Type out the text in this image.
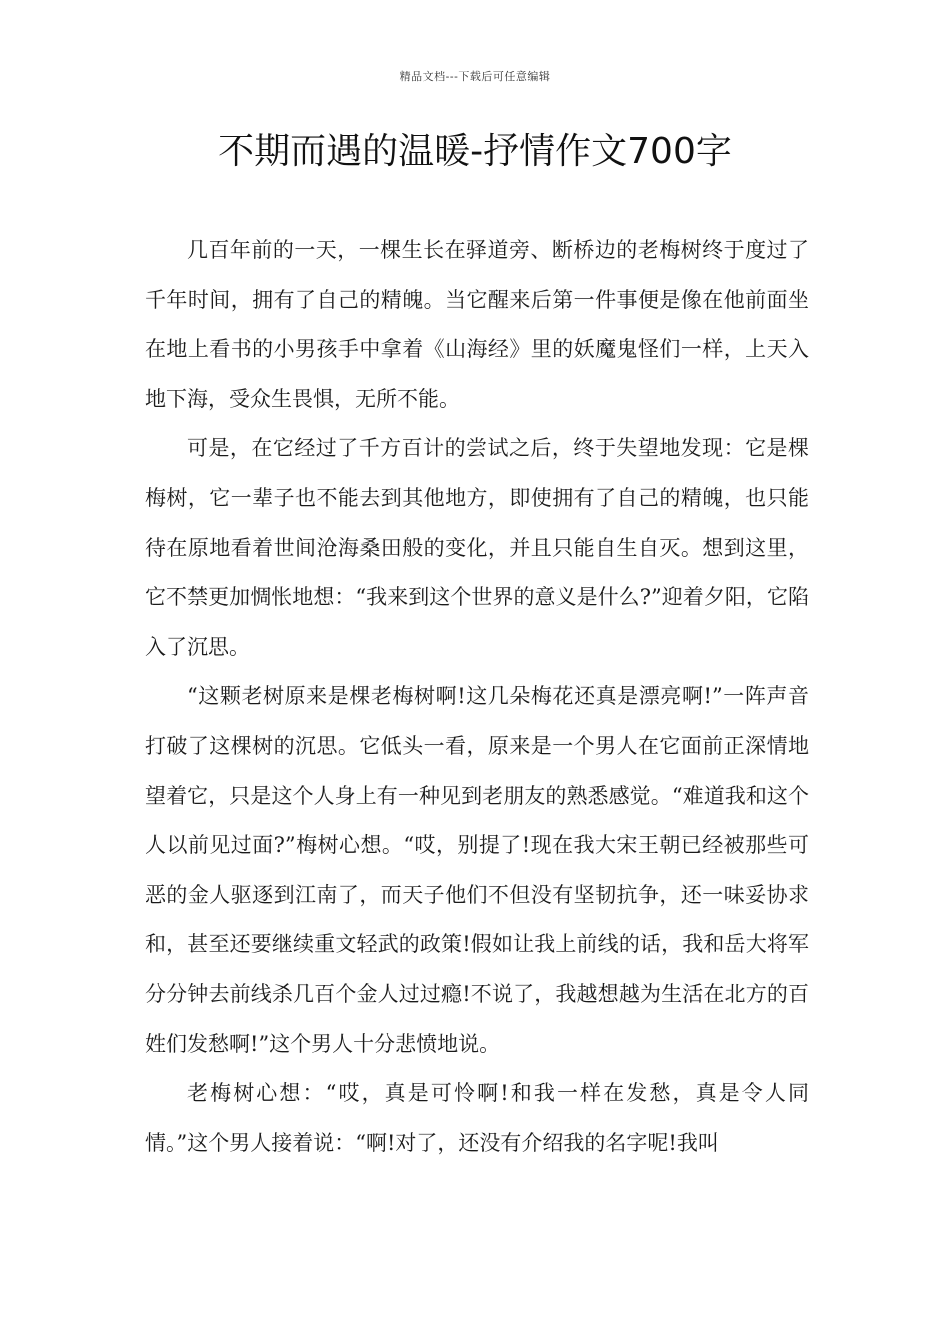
精品文档---下载后可任意编辑
不期而遇的温暖-抒情作文700字

几百年前的一天，一棵生长在驿道旁、断桥边的老梅树终于度过了千年时间，拥有了自己的精魄。当它醒来后第一件事便是像在他前面坐在地上看书的小男孩手中拿着《山海经》里的妖魔鬼怪们一样，上天入地下海，受众生畏惧，无所不能。

可是，在它经过了千方百计的尝试之后，终于失望地发现：它是棵梅树，它一辈子也不能去到其他地方，即使拥有了自己的精魄，也只能待在原地看着世间沧海桑田般的变化，并且只能自生自灭。想到这里，它不禁更加惆怅地想：“我来到这个世界的意义是什么?”迎着夕阳，它陷入了沉思。

“这颗老树原来是棵老梅树啊!这几朵梅花还真是漂亮啊!”一阵声音打破了这棵树的沉思。它低头一看，原来是一个男人在它面前正深情地望着它，只是这个人身上有一种见到老朋友的熟悉感觉。“难道我和这个人以前见过面?”梅树心想。“哎，别提了!现在我大宋王朝已经被那些可恶的金人驱逐到江南了，而天子他们不但没有坚韧抗争，还一味妥协求和，甚至还要继续重文轻武的政策!假如让我上前线的话，我和岳大将军分分钟去前线杀几百个金人过过瘾!不说了，我越想越为生活在北方的百姓们发愁啊!”这个男人十分悲愤地说。

老梅树心想：“哎，真是可怜啊!和我一样在发愁，真是令人同情。”这个男人接着说：“啊!对了，还没有介绍我的名字呢!我叫
